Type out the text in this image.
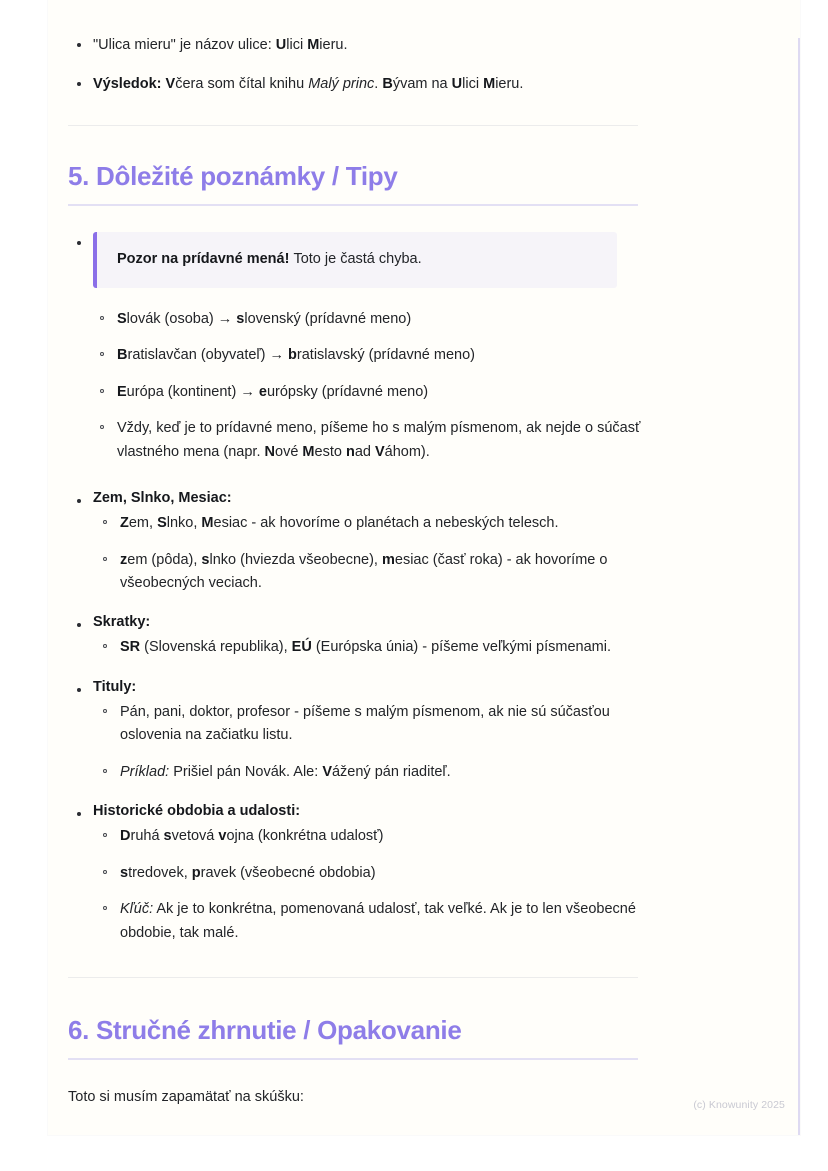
"Ulica mieru" je názov ulice: Ulici Mieru.
Výsledok: Včera som čítal knihu Malý princ. Bývam na Ulici Mieru.
5. Dôležité poznámky / Tipy
Pozor na prídavné mená! Toto je častá chyba.
Slovák (osoba) → slovenský (prídavné meno)
Bratislavčan (obyvateľ) → bratislavský (prídavné meno)
Európa (kontinent) → európsky (prídavné meno)
Vždy, keď je to prídavné meno, píšeme ho s malým písmenom, ak nejde o súčasť vlastného mena (napr. Nové Mesto nad Váhom).
Zem, Slnko, Mesiac:
Zem, Slnko, Mesiac - ak hovoríme o planétach a nebeských telesch.
zem (pôda), slnko (hviezda všeobecne), mesiac (časť roka) - ak hovoríme o všeobecných veciach.
Skratky:
SR (Slovenská republika), EÚ (Európska únia) - píšeme veľkými písmenami.
Tituly:
Pán, pani, doktor, profesor - píšeme s malým písmenom, ak nie sú súčasťou oslovenia na začiatku listu.
Príklad: Prišiel pán Novák. Ale: Vážený pán riaditeľ.
Historické obdobia a udalosti:
Druhá svetová vojna (konkrétna udalosť)
stredovek, pravek (všeobecné obdobia)
Kľúč: Ak je to konkrétna, pomenovaná udalosť, tak veľké. Ak je to len všeobecné obdobie, tak malé.
6. Stručné zhrnutie / Opakovanie

Toto si musím zapamätať na skúšku:	(c) Knowunity 2025
